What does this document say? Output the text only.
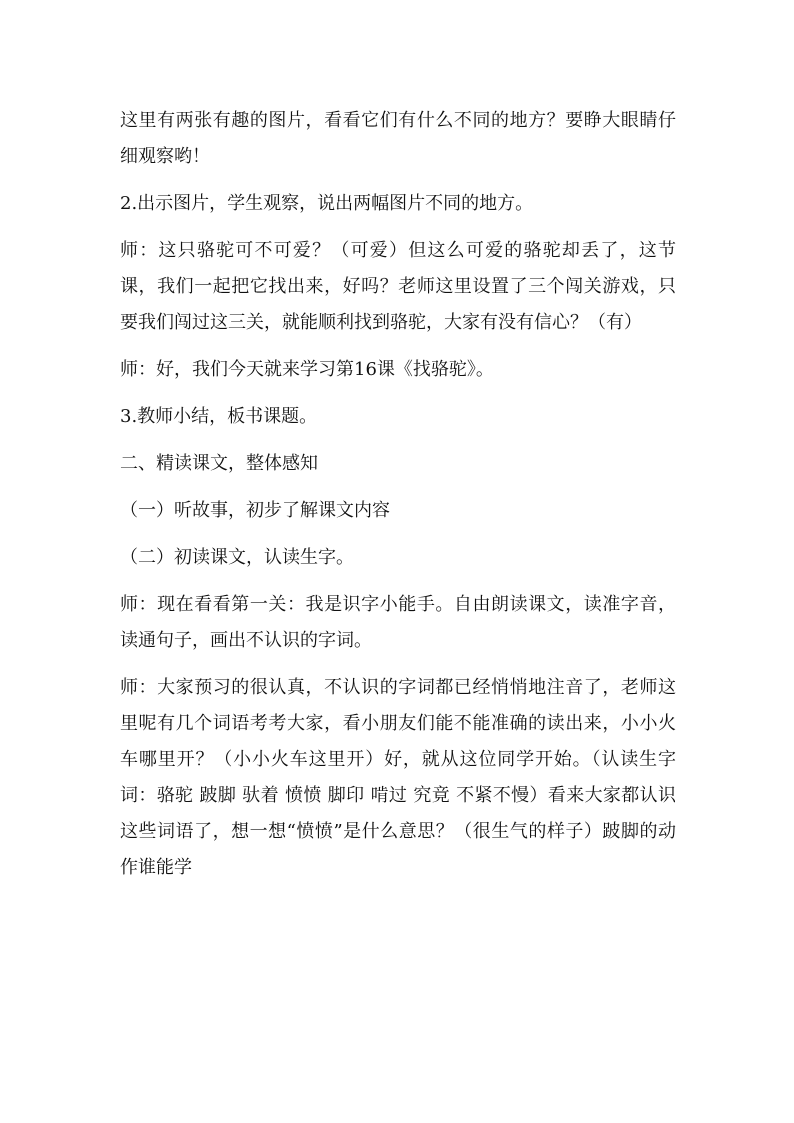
这里有两张有趣的图片，看看它们有什么不同的地方？要睁大眼睛仔细观察哟！

2.出示图片，学生观察，说出两幅图片不同的地方。

师：这只骆驼可不可爱？（可爱）但这么可爱的骆驼却丢了，这节课，我们一起把它找出来，好吗？老师这里设置了三个闯关游戏，只要我们闯过这三关，就能顺利找到骆驼，大家有没有信心？（有）

师：好，我们今天就来学习第16课《找骆驼》。

3.教师小结，板书课题。

二、精读课文，整体感知

（一）听故事，初步了解课文内容

（二）初读课文，认读生字。

师：现在看看第一关：我是识字小能手。自由朗读课文，读准字音，读通句子，画出不认识的字词。

师：大家预习的很认真，不认识的字词都已经悄悄地注音了，老师这里呢有几个词语考考大家，看小朋友们能不能准确的读出来，小小火车哪里开？（小小火车这里开）好，就从这位同学开始。（认读生字词：骆驼 跛脚 驮着 愤愤 脚印 啃过 究竟 不紧不慢）看来大家都认识这些词语了，想一想“愤愤”是什么意思？（很生气的样子）跛脚的动作谁能学
